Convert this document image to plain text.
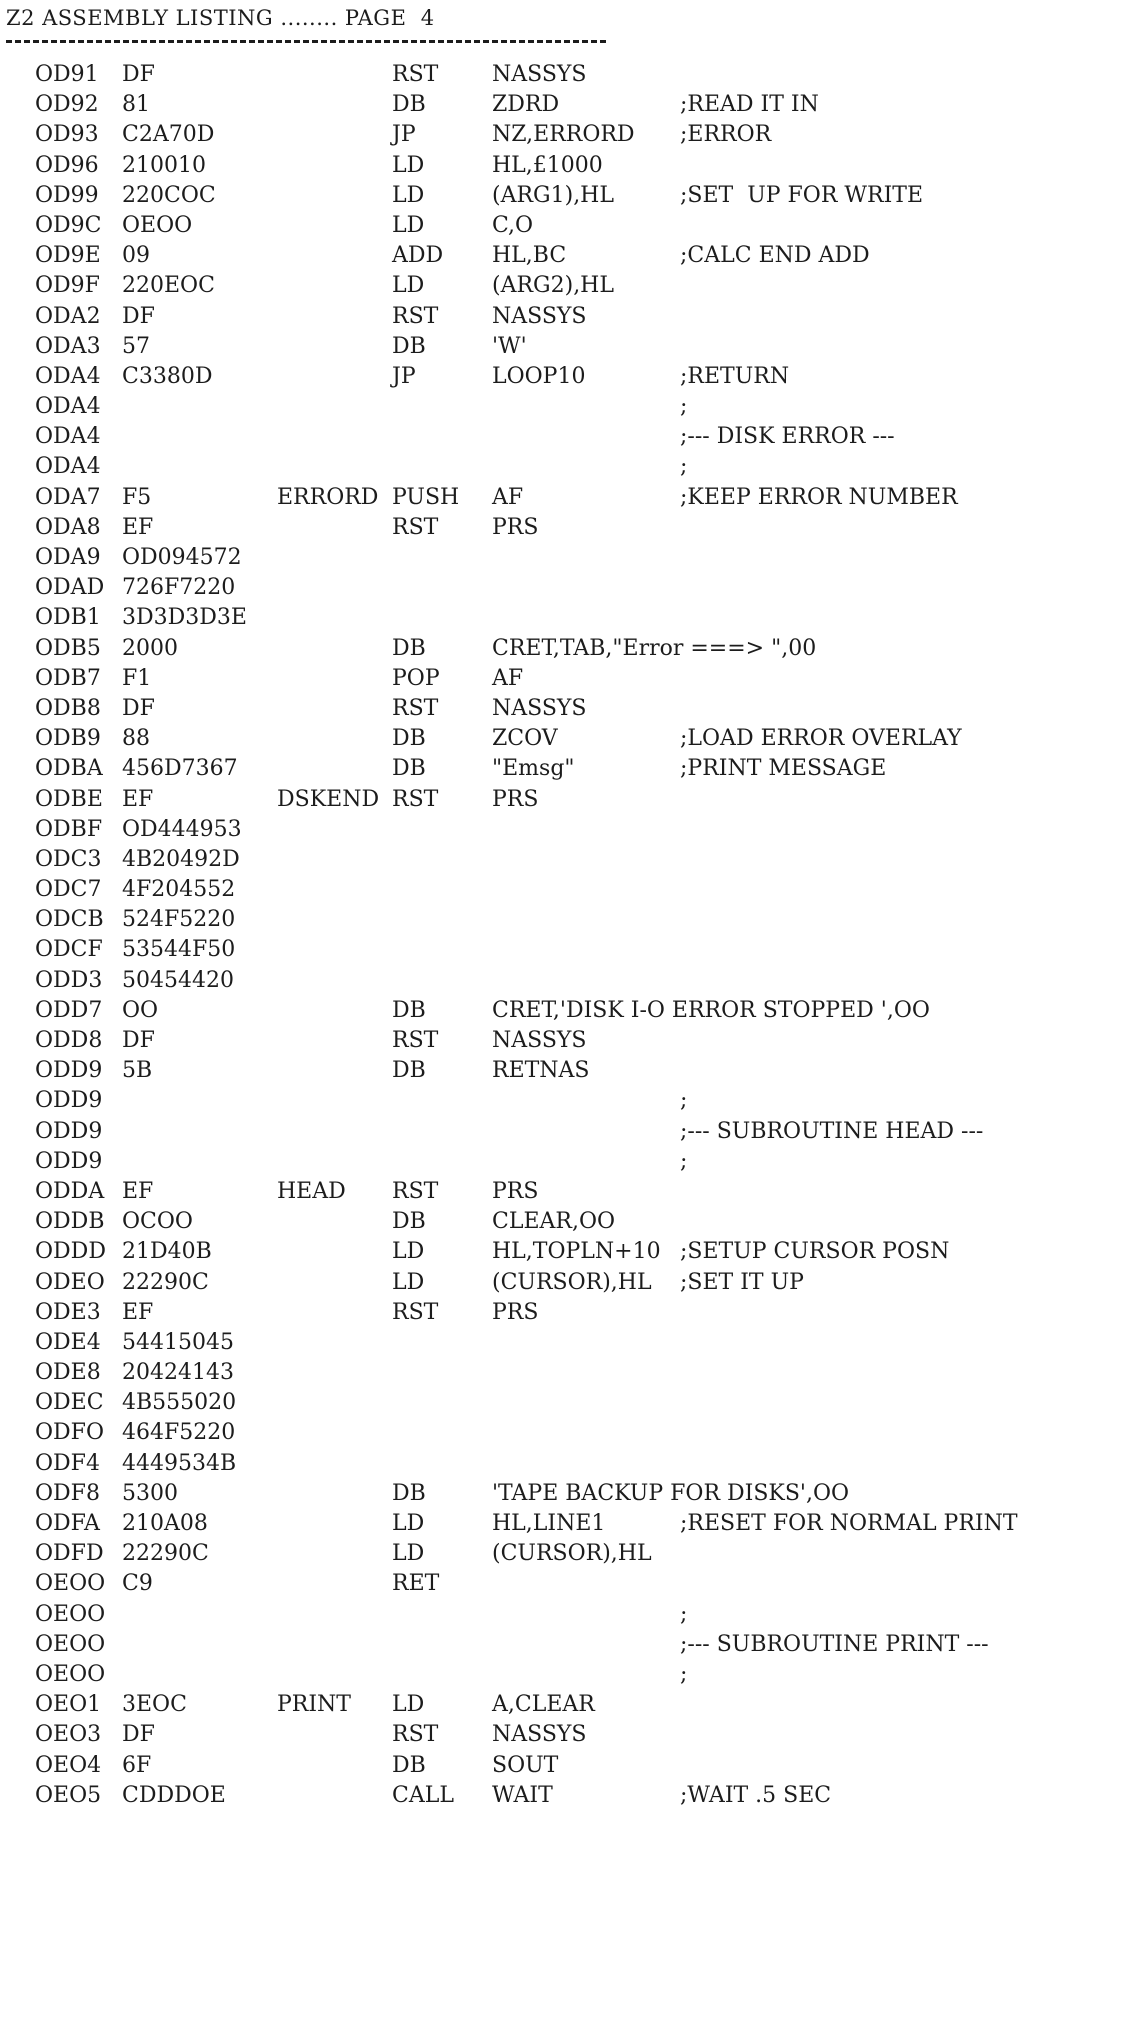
Z2 ASSEMBLY LISTING ........ PAGE  4
OD91 DF	RST NASSYS
OD92 81	DB	ZDRD	;READ IT IN
OD93 C2A70D	JP	NZ,ERRORD ;ERROR
OD96 210010	LD	HL,£1000
OD99 220COC	LD	(ARG1),HL	;SET  UP FOR WRITE
OD9C OEOO	LD	C,O
OD9E 09	ADD HL,BC	;CALC END ADD
OD9F 220EOC	LD	(ARG2),HL
ODA2 DF	RST NASSYS
ODA3 57	DB	'W'
ODA4 C3380D	JP	LOOP10	;RETURN
ODA4	;
ODA4	;--- DISK ERROR ---
ODA4	;
ODA7 F5	ERRORD PUSH AF	;KEEP ERROR NUMBER
ODA8 EF	RST PRS
ODA9 OD094572
ODAD 726F7220
ODB1 3D3D3D3E
ODB5 2000	DB	CRET,TAB,"Error ===> ",00
ODB7 F1	POP AF
ODB8 DF	RST NASSYS
ODB9 88	DB	ZCOV	;LOAD ERROR OVERLAY
ODBA 456D7367	DB	"Emsg"	;PRINT MESSAGE
ODBE EF	DSKEND RST PRS
ODBF OD444953
ODC3 4B20492D
ODC7 4F204552
ODCB 524F5220
ODCF 53544F50
ODD3 50454420
ODD7 OO	DB	CRET,'DISK I-O ERROR STOPPED ',OO
ODD8 DF	RST NASSYS
ODD9 5B	DB	RETNAS
ODD9	;
ODD9	;--- SUBROUTINE HEAD ---
ODD9	;
ODDA EF	HEAD RST PRS
ODDB OCOO	DB	CLEAR,OO
ODDD 21D40B	LD	HL,TOPLN+10 ;SETUP CURSOR POSN
ODEO 22290C	LD	(CURSOR),HL ;SET IT UP
ODE3 EF	RST PRS
ODE4 54415045
ODE8 20424143
ODEC 4B555020
ODFO 464F5220
ODF4 4449534B
ODF8 5300	DB	'TAPE BACKUP FOR DISKS',OO
ODFA 210A08	LD	HL,LINE1	;RESET FOR NORMAL PRINT
ODFD 22290C	LD	(CURSOR),HL
OEOO C9	RET
OEOO	;
OEOO	;--- SUBROUTINE PRINT ---
OEOO	;
OEO1 3EOC	PRINT LD	A,CLEAR
OEO3 DF	RST NASSYS
OEO4 6F	DB	SOUT
OEO5 CDDDOE	CALL WAIT	;WAIT .5 SEC
